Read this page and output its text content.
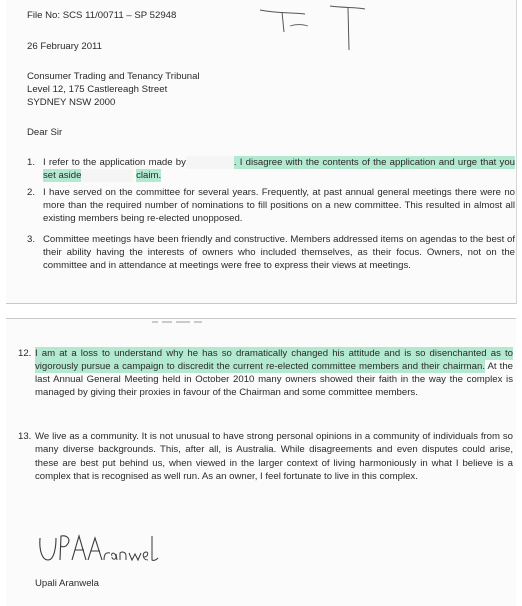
File No: SCS 11/00711 – SP 52948
26 February 2011
Consumer Trading and Tenancy Tribunal
Level 12, 175 Castlereagh Street
SYDNEY NSW 2000
Dear Sir
1. I refer to the application made by	. I disagree with the contents of the application and urge that you set aside	claim.
2. I have served on the committee for several years. Frequently, at past annual general meetings there were no more than the required number of nominations to fill positions on a new committee. This resulted in almost all existing members being re-elected unopposed.
3. Committee meetings have been friendly and constructive. Members addressed items on agendas to the best of their ability having the interests of owners who included themselves, as their focus. Owners, not on the committee and in attendance at meetings were free to express their views at meetings.
12. I am at a loss to understand why he has so dramatically changed his attitude and is so disenchanted as to vigorously pursue a campaign to discredit the current re-elected committee members and their chairman. At the last Annual General Meeting held in October 2010 many owners showed their faith in the way the complex is managed by giving their proxies in favour of the Chairman and some committee members.
13. We live as a community. It is not unusual to have strong personal opinions in a community of individuals from so many diverse backgrounds. This, after all, is Australia. While disagreements and even disputes could arise, these are best put behind us, when viewed in the larger context of living harmoniously in what I believe is a complex that is recognised as well run. As an owner, I feel fortunate to live in this complex.
Upali Aranwela
